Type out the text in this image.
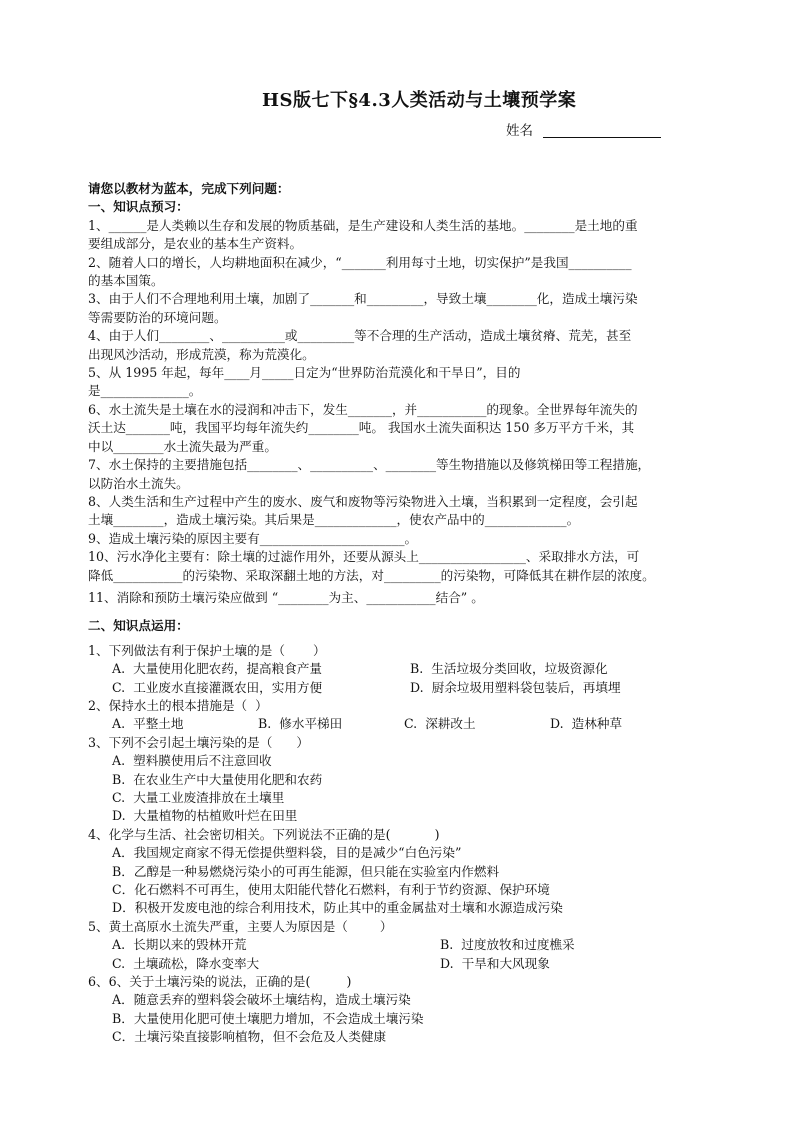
HS版七下§4.3人类活动与土壤预学案
姓名
请您以教材为蓝本，完成下列问题：
一、知识点预习：
1、______是人类赖以生存和发展的物质基础，是生产建设和人类生活的基地。________是土地的重
要组成部分，是农业的基本生产资料。
2、随着人口的增长，人均耕地面积在减少，“_______利用每寸土地，切实保护”是我国__________
的基本国策。
3、由于人们不合理地利用土壤，加剧了_______和_________，导致土壤________化，造成土壤污染
等需要防治的环境问题。
4、由于人们________、__________或_________等不合理的生产活动，造成土壤贫瘠、荒芜，甚至
出现风沙活动，形成荒漠，称为荒漠化。
5、从 1995 年起，每年____月_____日定为“世界防治荒漠化和干旱日”，目的
是______________。
6、水土流失是土壤在水的浸润和冲击下，发生_______，并___________的现象。全世界每年流失的
沃土达_______吨，我国平均每年流失约________吨。 我国水土流失面积达 150 多万平方千米，其
中以________水土流失最为严重。
7、水土保持的主要措施包括________、__________、________等生物措施以及修筑梯田等工程措施，
以防治水土流失。
8、人类生活和生产过程中产生的废水、废气和废物等污染物进入土壤，当积累到一定程度，会引起
土壤________，造成土壤污染。其后果是_____________，使农产品中的_____________。
9、造成土壤污染的原因主要有_______________________。
10、污水净化主要有：除土壤的过滤作用外，还要从源头上_________________、采取排水方法，可
降低___________的污染物、采取深翻土地的方法，对_________的污染物，可降低其在耕作层的浓度。
11、消除和预防土壤污染应做到 “________为主、___________结合” 。
二、知识点运用：
1、下列做法有利于保护土壤的是（       ）
A.  大量使用化肥农药，提高粮食产量	B.  生活垃圾分类回收，垃圾资源化
C.  工业废水直接灌溉农田，实用方便	D.  厨余垃圾用塑料袋包装后，再填埋
2、保持水土的根本措施是（  ）
A.  平整土地	B.  修水平梯田	C.  深耕改土	D.  造林种草
3、下列不会引起土壤污染的是（      ）
A.  塑料膜使用后不注意回收
B.  在农业生产中大量使用化肥和农药
C.  大量工业废渣排放在土壤里
D.  大量植物的枯植败叶烂在田里
4、化学与生活、社会密切相关。下列说法不正确的是(           )
A．我国规定商家不得无偿提供塑料袋，目的是减少“白色污染”
B．乙醇是一种易燃烧污染小的可再生能源，但只能在实验室内作燃料
C．化石燃料不可再生，使用太阳能代替化石燃料，有利于节约资源、保护环境
D．积极开发废电池的综合利用技术，防止其中的重金属盐对土壤和水源造成污染
5、黄土高原水土流失严重，主要人为原因是（        ）
A.  长期以来的毁林开荒	B.  过度放牧和过度樵采
C.  土壤疏松，降水变率大	D.  干旱和大风现象
6、6、关于土壤污染的说法，正确的是(         )
A．随意丢弃的塑料袋会破坏土壤结构，造成土壤污染
B．大量使用化肥可使土壤肥力增加，不会造成土壤污染
C．土壤污染直接影响植物，但不会危及人类健康
